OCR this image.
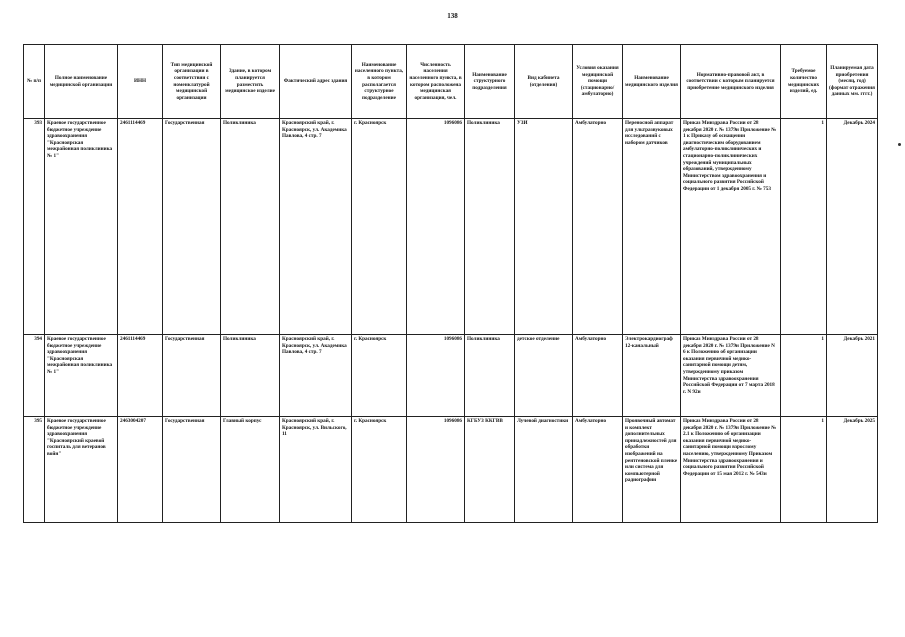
138
№ п/п	Полное наименование медицинской организации	ИНН	Тип медицинской организации в соответствии с номенклатурой медицинской организации	Здание, в котором планируется разместить медицинское изделие	Фактический адрес здания	Наименование населенного пункта, в котором располагается структурное подразделение	Численность населения населенного пункта, в котором расположена медицинская организация, чел.	Наименование структурного подразделения	Вид кабинета (отделения)	Условия оказания медицинской помощи (стационарно/ амбулаторно)	Наименование медицинского изделия	Нормативно-правовой акт, в соответствии с которым планируется приобретение медицинского изделия	Требуемое количество медицинских изделий, ед.	Планируемая дата приобретения (месяц, год) (формат отражения данных мм. гггг.)
393	Краевое государственное бюджетное учреждение здравоохранения "Красноярская межрайонная поликлиника № 1"	2461114469	Государственная	Поликлиника	Красноярский край, г. Красноярск, ул. Академика Павлова, 4 стр. 7	г. Красноярск	1096086	Поликлиника	УЗИ	Амбулаторно	Переносной аппарат для ультразвуковых исследований с набором датчиков	Приказ Минздрава России от 28 декабря 2020 г. № 1379н Приложение № 1 к Приказу об оснащении диагностическим оборудованием амбулаторно-поликлинических и стационарно-поликлинических учреждений муниципальных образований, утвержденному Министерством здравоохранения и социального развития Российской Федерации от 1 декабря 2005 г. № 753	1	Декабрь 2024
394	Краевое государственное бюджетное учреждение здравоохранения "Красноярская межрайонная поликлиника № 1"	2461114469	Государственная	Поликлиника	Красноярский край, г. Красноярск, ул. Академика Павлова, 4 стр. 7	г. Красноярск	1096086	Поликлиника	детское отделение	Амбулаторно	Электрокардиограф 12-канальный	Приказ Минздрава России от 28 декабря 2020 г. № 1379н Приложение N 6 к Положению об организации оказания первичной медико-санитарной помощи детям, утвержденному приказом Министерства здравоохранения Российской Федерации от 7 марта 2018 г. N 92н	1	Декабрь 2021
395	Краевое государственное бюджетное учреждение здравоохранения "Красноярский краевой госпиталь для ветеранов войн"	2463004207	Государственная	Главный корпус	Красноярский край, г. Красноярск, ул. Вильского, 11	г. Красноярск	1096086	КГБУЗ ККГВВ	Лучевой диагностики	Амбулаторно	Проявочный автомат и комплект дополнительных принадлежностей для обработки изображений на рентгеновской пленке или система для компьютерной радиографии	Приказ Минздрава России от 28 декабря 2020 г. № 1379н Приложение № 2.1 к Положению об организации оказания первичной медико-санитарной помощи взрослому населению, утвержденному Приказом Министерства здравоохранения и социального развития Российской Федерации от 15 мая 2012 г. № 543н	1	Декабрь 2025
